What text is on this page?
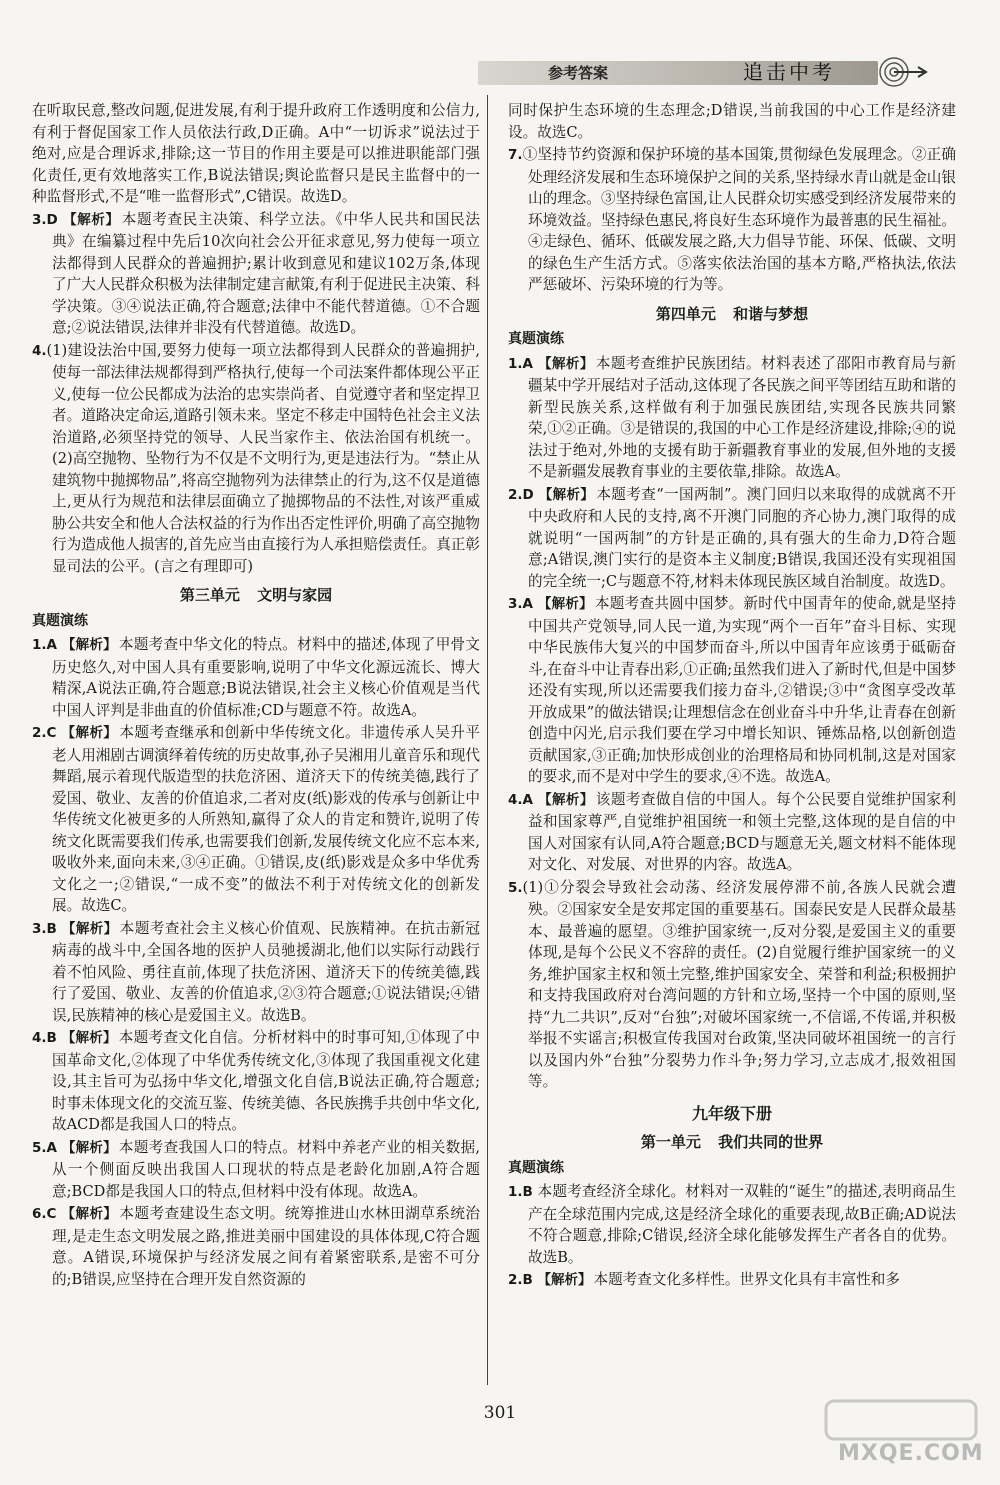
参考答案	追击中考

在听取民意,整改问题,促进发展,有利于提升政府工作透明度和公信力,有利于督促国家工作人员依法行政,D正确。A中“一切诉求”说法过于绝对,应是合理诉求,排除;这一节目的作用主要是可以推进职能部门强化责任,更有效地落实工作,B说法错误;舆论监督只是民主监督中的一种监督形式,不是“唯一监督形式”,C错误。故选D。

3.D 【解析】 本题考查民主决策、科学立法。《中华人民共和国民法典》在编纂过程中先后10次向社会公开征求意见,努力使每一项立法都得到人民群众的普遍拥护;累计收到意见和建议102万条,体现了广大人民群众积极为法律制定建言献策,有利于促进民主决策、科学决策。③④说法正确,符合题意;法律中不能代替道德。①不合题意;②说法错误,法律并非没有代替道德。故选D。

4.(1)建设法治中国,要努力使每一项立法都得到人民群众的普遍拥护,使每一部法律法规都得到严格执行,使每一个司法案件都体现公平正义,使每一位公民都成为法治的忠实崇尚者、自觉遵守者和坚定捍卫者。道路决定命运,道路引领未来。坚定不移走中国特色社会主义法治道路,必须坚持党的领导、人民当家作主、依法治国有机统一。(2)高空抛物、坠物行为不仅是不文明行为,更是违法行为。“禁止从建筑物中抛掷物品”,将高空抛物列为法律禁止的行为,这不仅是道德上,更从行为规范和法律层面确立了抛掷物品的不法性,对该严重威胁公共安全和他人合法权益的行为作出否定性评价,明确了高空抛物行为造成他人损害的,首先应当由直接行为人承担赔偿责任。真正彰显司法的公平。(言之有理即可)

第三单元 文明与家园
真题演练

1.A 【解析】 本题考查中华文化的特点。材料中的描述,体现了甲骨文历史悠久,对中国人具有重要影响,说明了中华文化源远流长、博大精深,A说法正确,符合题意;B说法错误,社会主义核心价值观是当代中国人评判是非曲直的价值标准;CD与题意不符。故选A。

2.C 【解析】 本题考查继承和创新中华传统文化。非遗传承人吴升平老人用湘剧古调演绎着传统的历史故事,孙子吴湘用儿童音乐和现代舞蹈,展示着现代版造型的扶危济困、道济天下的传统美德,践行了爱国、敬业、友善的价值追求,二者对皮(纸)影戏的传承与创新让中华传统文化被更多的人所熟知,赢得了众人的肯定和赞许,说明了传统文化既需要我们传承,也需要我们创新,发展传统文化应不忘本来,吸收外来,面向未来,③④正确。①错误,皮(纸)影戏是众多中华优秀文化之一;②错误,“一成不变”的做法不利于对传统文化的创新发展。故选C。

3.B 【解析】 本题考查社会主义核心价值观、民族精神。在抗击新冠病毒的战斗中,全国各地的医护人员驰援湖北,他们以实际行动践行着不怕风险、勇往直前,体现了扶危济困、道济天下的传统美德,践行了爱国、敬业、友善的价值追求,②③符合题意;①说法错误;④错误,民族精神的核心是爱国主义。故选B。

4.B 【解析】 本题考查文化自信。分析材料中的时事可知,①体现了中国革命文化,②体现了中华优秀传统文化,③体现了我国重视文化建设,其主旨可为弘扬中华文化,增强文化自信,B说法正确,符合题意;时事未体现文化的交流互鉴、传统美德、各民族携手共创中华文化,故ACD都是我国人口的特点。

5.A 【解析】 本题考查我国人口的特点。材料中养老产业的相关数据,从一个侧面反映出我国人口现状的特点是老龄化加剧,A符合题意;BCD都是我国人口的特点,但材料中没有体现。故选A。

6.C 【解析】 本题考查建设生态文明。统筹推进山水林田湖草系统治理,是走生态文明发展之路,推进美丽中国建设的具体体现,C符合题意。A错误,环境保护与经济发展之间有着紧密联系,是密不可分的;B错误,应坚持在合理开发自然资源的

同时保护生态环境的生态理念;D错误,当前我国的中心工作是经济建设。故选C。

7.①坚持节约资源和保护环境的基本国策,贯彻绿色发展理念。②正确处理经济发展和生态环境保护之间的关系,坚持绿水青山就是金山银山的理念。③坚持绿色富国,让人民群众切实感受到经济发展带来的环境效益。坚持绿色惠民,将良好生态环境作为最普惠的民生福祉。④走绿色、循环、低碳发展之路,大力倡导节能、环保、低碳、文明的绿色生产生活方式。⑤落实依法治国的基本方略,严格执法,依法严惩破坏、污染环境的行为等。

第四单元 和谐与梦想
真题演练

1.A 【解析】 本题考查维护民族团结。材料表述了邵阳市教育局与新疆某中学开展结对子活动,这体现了各民族之间平等团结互助和谐的新型民族关系,这样做有利于加强民族团结,实现各民族共同繁荣,①②正确。③是错误的,我国的中心工作是经济建设,排除;④的说法过于绝对,外地的支援有助于新疆教育事业的发展,但外地的支援不是新疆发展教育事业的主要依靠,排除。故选A。

2.D 【解析】 本题考查“一国两制”。澳门回归以来取得的成就离不开中央政府和人民的支持,离不开澳门同胞的齐心协力,澳门取得的成就说明“一国两制”的方针是正确的,具有强大的生命力,D符合题意;A错误,澳门实行的是资本主义制度;B错误,我国还没有实现祖国的完全统一;C与题意不符,材料未体现民族区域自治制度。故选D。

3.A 【解析】 本题考查共圆中国梦。新时代中国青年的使命,就是坚持中国共产党领导,同人民一道,为实现“两个一百年”奋斗目标、实现中华民族伟大复兴的中国梦而奋斗,所以中国青年应该勇于砥砺奋斗,在奋斗中让青春出彩,①正确;虽然我们进入了新时代,但是中国梦还没有实现,所以还需要我们接力奋斗,②错误;③中“贪图享受改革开放成果”的做法错误;让理想信念在创业奋斗中升华,让青春在创新创造中闪光,启示我们要在学习中增长知识、锤炼品格,以创新创造贡献国家,③正确;加快形成创业的治理格局和协同机制,这是对国家的要求,而不是对中学生的要求,④不选。故选A。

4.A 【解析】 该题考查做自信的中国人。每个公民要自觉维护国家利益和国家尊严,自觉维护祖国统一和领土完整,这体现的是自信的中国人对国家有认同,A符合题意;BCD与题意无关,题文材料不能体现对文化、对发展、对世界的内容。故选A。

5.(1)①分裂会导致社会动荡、经济发展停滞不前,各族人民就会遭殃。②国家安全是安邦定国的重要基石。国泰民安是人民群众最基本、最普遍的愿望。③维护国家统一,反对分裂,是爱国主义的重要体现,是每个公民义不容辞的责任。(2)自觉履行维护国家统一的义务,维护国家主权和领土完整,维护国家安全、荣誉和利益;积极拥护和支持我国政府对台湾问题的方针和立场,坚持一个中国的原则,坚持“九二共识”,反对“台独”;对破坏国家统一,不信谣,不传谣,并积极举报不实谣言;积极宣传我国对台政策,坚决同破坏祖国统一的言行以及国内外“台独”分裂势力作斗争;努力学习,立志成才,报效祖国等。

九年级下册
第一单元 我们共同的世界
真题演练

1.B 本题考查经济全球化。材料对一双鞋的“诞生”的描述,表明商品生产在全球范围内完成,这是经济全球化的重要表现,故B正确;AD说法不符合题意,排除;C错误,经济全球化能够发挥生产者各自的优势。故选B。

2.B 【解析】 本题考查文化多样性。世界文化具有丰富性和多

301
MXQE.COM
